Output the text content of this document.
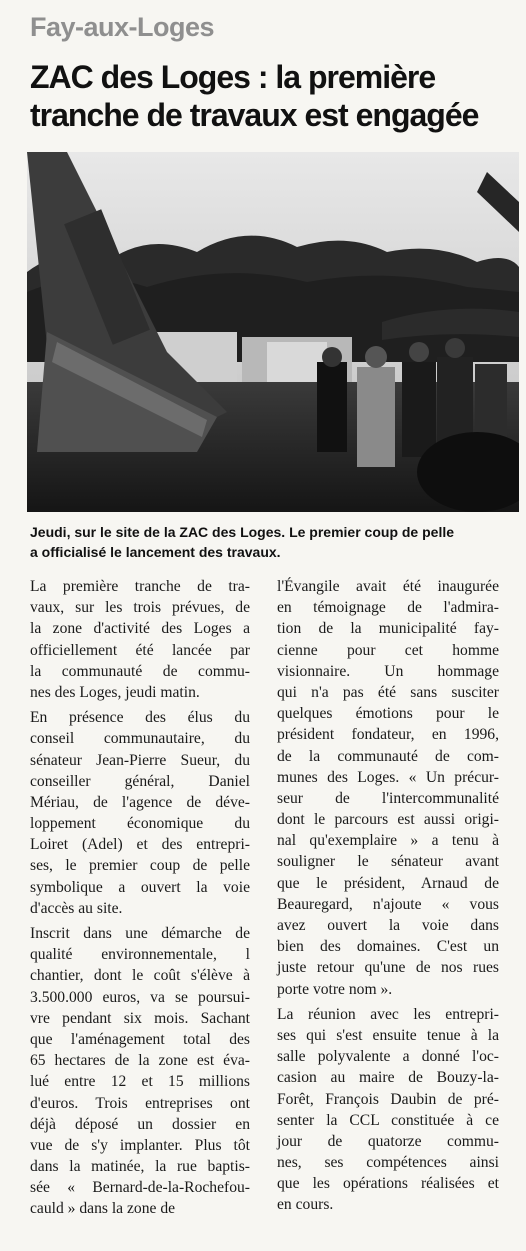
Fay-aux-Loges
ZAC des Loges : la première
tranche de travaux est engagée
Jeudi, sur le site de la ZAC des Loges. Le premier coup de pelle
a officialisé le lancement des travaux.
La première tranche de tra-
vaux, sur les trois prévues, de
la zone d'activité des Loges a
officiellement été lancée par
la communauté de commu-
nes des Loges, jeudi matin.
En présence des élus du
conseil communautaire, du
sénateur Jean-Pierre Sueur, du
conseiller général, Daniel
Mériau, de l'agence de déve-
loppement économique du
Loiret (Adel) et des entrepri-
ses, le premier coup de pelle
symbolique a ouvert la voie
d'accès au site.
Inscrit dans une démarche de
qualité environnementale, l
chantier, dont le coût s'élève à
3.500.000 euros, va se poursui-
vre pendant six mois. Sachant
que l'aménagement total des
65 hectares de la zone est éva-
lué entre 12 et 15 millions
d'euros. Trois entreprises ont
déjà déposé un dossier en
vue de s'y implanter. Plus tôt
dans la matinée, la rue baptis-
sée « Bernard-de-la-Rochefou-
cauld » dans la zone de
l'Évangile avait été inaugurée
en témoignage de l'admira-
tion de la municipalité fay-
cienne pour cet homme
visionnaire. Un hommage
qui n'a pas été sans susciter
quelques émotions pour le
président fondateur, en 1996,
de la communauté de com-
munes des Loges. « Un précur-
seur de l'intercommunalité
dont le parcours est aussi origi-
nal qu'exemplaire » a tenu à
souligner le sénateur avant
que le président, Arnaud de
Beauregard, n'ajoute « vous
avez ouvert la voie dans
bien des domaines. C'est un
juste retour qu'une de nos rues
porte votre nom ».
La réunion avec les entrepri-
ses qui s'est ensuite tenue à la
salle polyvalente a donné l'oc-
casion au maire de Bouzy-la-
Forêt, François Daubin de pré-
senter la CCL constituée à ce
jour de quatorze commu-
nes, ses compétences ainsi
que les opérations réalisées et
en cours.
